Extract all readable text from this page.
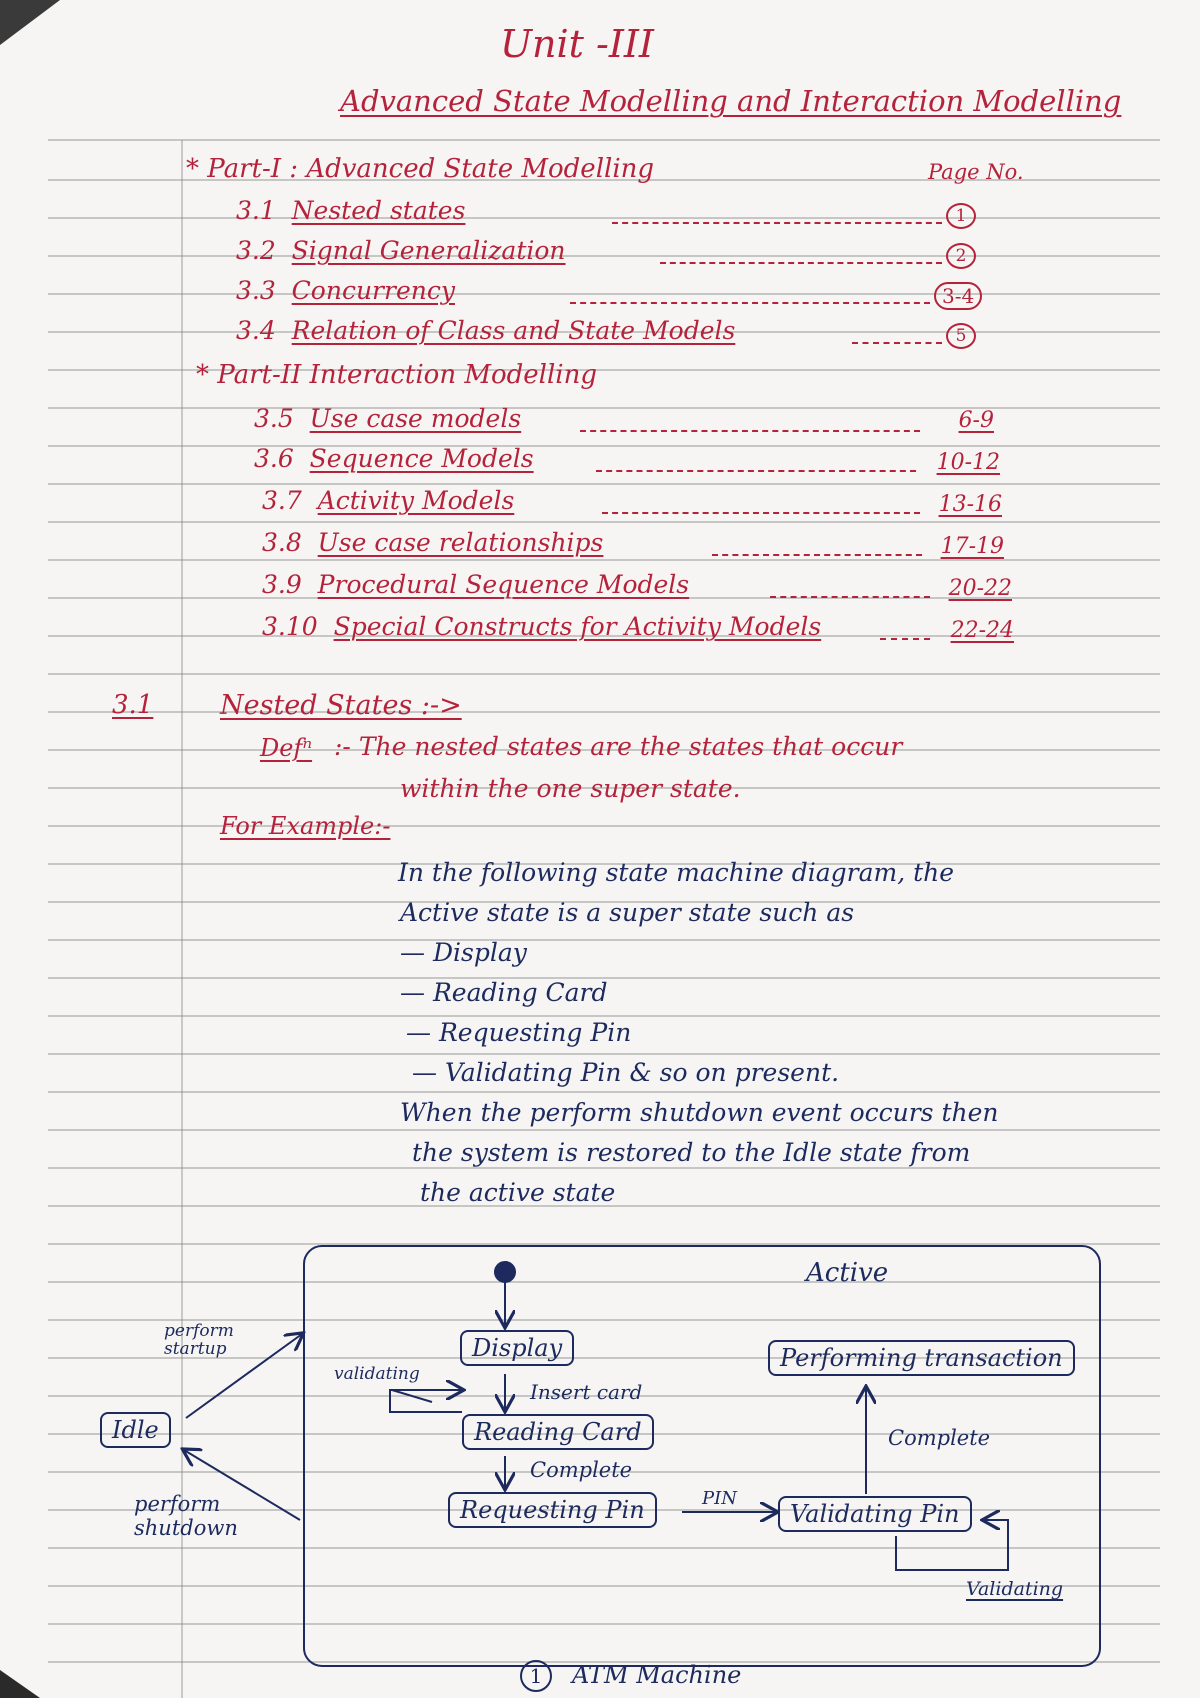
Unit -III
Advanced State Modelling and Interaction Modelling
Page No.
* Part-I : Advanced State Modelling
3.1 Nested states	1
3.2 Signal Generalization	2
3.3 Concurrency	3-4
3.4 Relation of Class and State Models	5
* Part-II Interaction Modelling
3.5 Use case models	6-9
3.6 Sequence Models	10-12
3.7 Activity Models	13-16
3.8 Use case relationships	17-19
3.9 Procedural Sequence Models	20-22
3.10 Special Constructs for Activity Models	22-24
3.1 Nested States :->
Defⁿ :- The nested states are the states that occur
within the one super state.
For Example:-
In the following state machine diagram, the
Active state is a super state such as
— Display
— Reading Card
— Requesting Pin
— Validating Pin & so on present.
When the perform shutdown event occurs then
the system is restored to the Idle state from
the active state
Active
Idle
Display
Reading Card
Requesting Pin	Validating Pin
Performing transaction
perform startup
perform shutdown
Insert card
Complete
Complete
PIN
validating
Validating
1 ATM Machine
